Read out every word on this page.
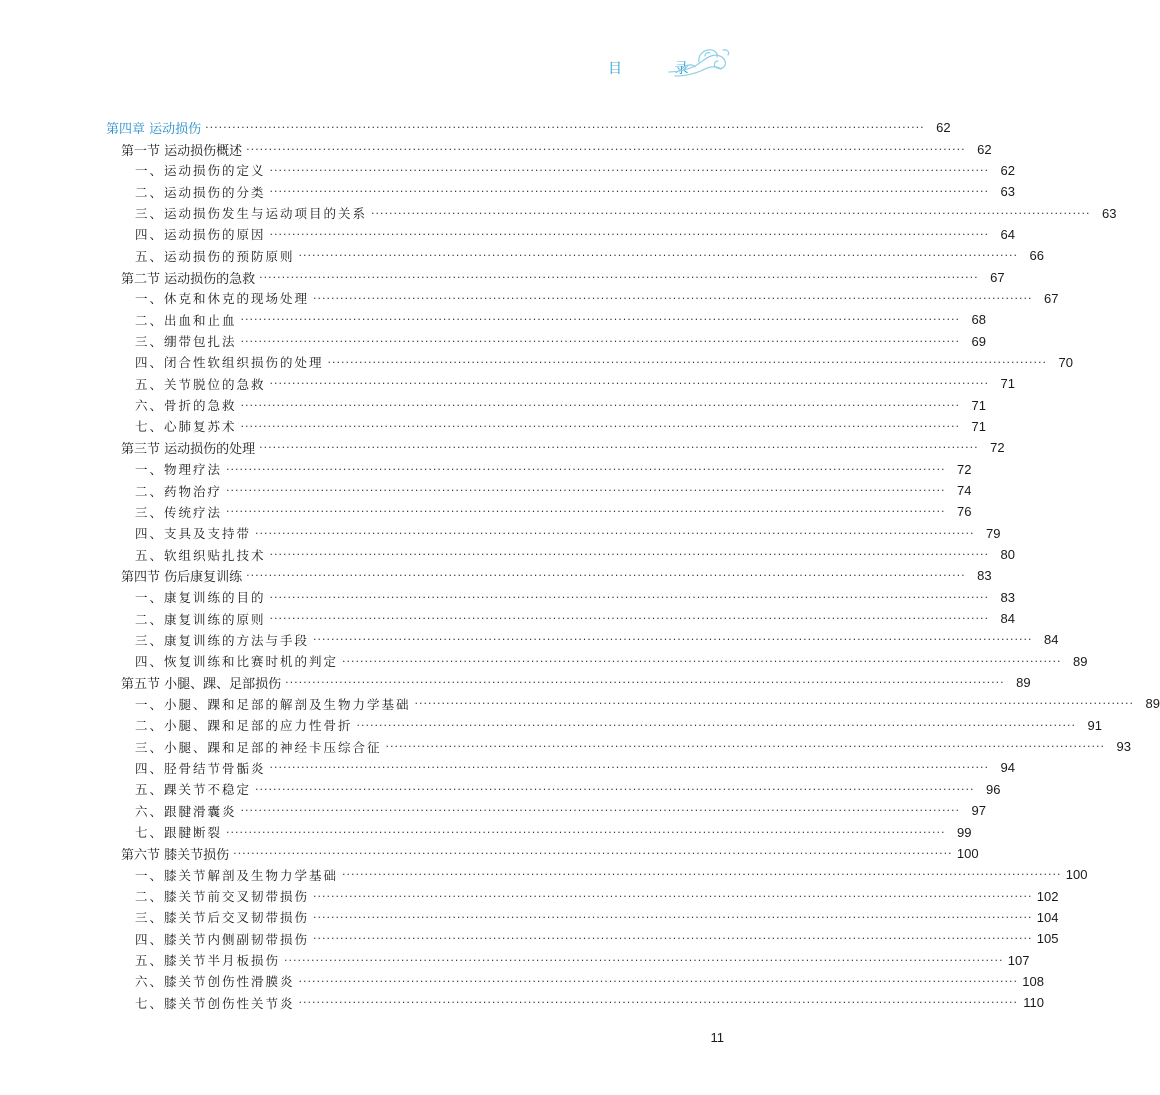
目 录
第四章 运动损伤 ································································································································································ 62
第一节 运动损伤概述 ································································································································································ 62
一、运动损伤的定义 ································································································································································ 62
二、运动损伤的分类 ································································································································································ 63
三、运动损伤发生与运动项目的关系 ································································································································································ 63
四、运动损伤的原因 ································································································································································ 64
五、运动损伤的预防原则 ································································································································································ 66
第二节 运动损伤的急救 ································································································································································ 67
一、休克和休克的现场处理 ································································································································································ 67
二、出血和止血 ································································································································································ 68
三、绷带包扎法 ································································································································································ 69
四、闭合性软组织损伤的处理 ································································································································································ 70
五、关节脱位的急救 ································································································································································ 71
六、骨折的急救 ································································································································································ 71
七、心肺复苏术 ································································································································································ 71
第三节 运动损伤的处理 ································································································································································ 72
一、物理疗法 ································································································································································ 72
二、药物治疗 ································································································································································ 74
三、传统疗法 ································································································································································ 76
四、支具及支持带 ································································································································································ 79
五、软组织贴扎技术 ································································································································································ 80
第四节 伤后康复训练 ································································································································································ 83
一、康复训练的目的 ································································································································································ 83
二、康复训练的原则 ································································································································································ 84
三、康复训练的方法与手段 ································································································································································ 84
四、恢复训练和比赛时机的判定 ································································································································································ 89
第五节 小腿、踝、足部损伤 ································································································································································ 89
一、小腿、踝和足部的解剖及生物力学基础 ································································································································································ 89
二、小腿、踝和足部的应力性骨折 ································································································································································ 91
三、小腿、踝和足部的神经卡压综合征 ································································································································································ 93
四、胫骨结节骨骺炎 ································································································································································ 94
五、踝关节不稳定 ································································································································································ 96
六、跟腱滑囊炎 ································································································································································ 97
七、跟腱断裂 ································································································································································ 99
第六节 膝关节损伤 ································································································································································ 100
一、膝关节解剖及生物力学基础 ································································································································································ 100
二、膝关节前交叉韧带损伤 ································································································································································ 102
三、膝关节后交叉韧带损伤 ································································································································································ 104
四、膝关节内侧副韧带损伤 ································································································································································ 105
五、膝关节半月板损伤 ································································································································································ 107
六、膝关节创伤性滑膜炎 ································································································································································ 108
七、膝关节创伤性关节炎 ································································································································································ 110
11
